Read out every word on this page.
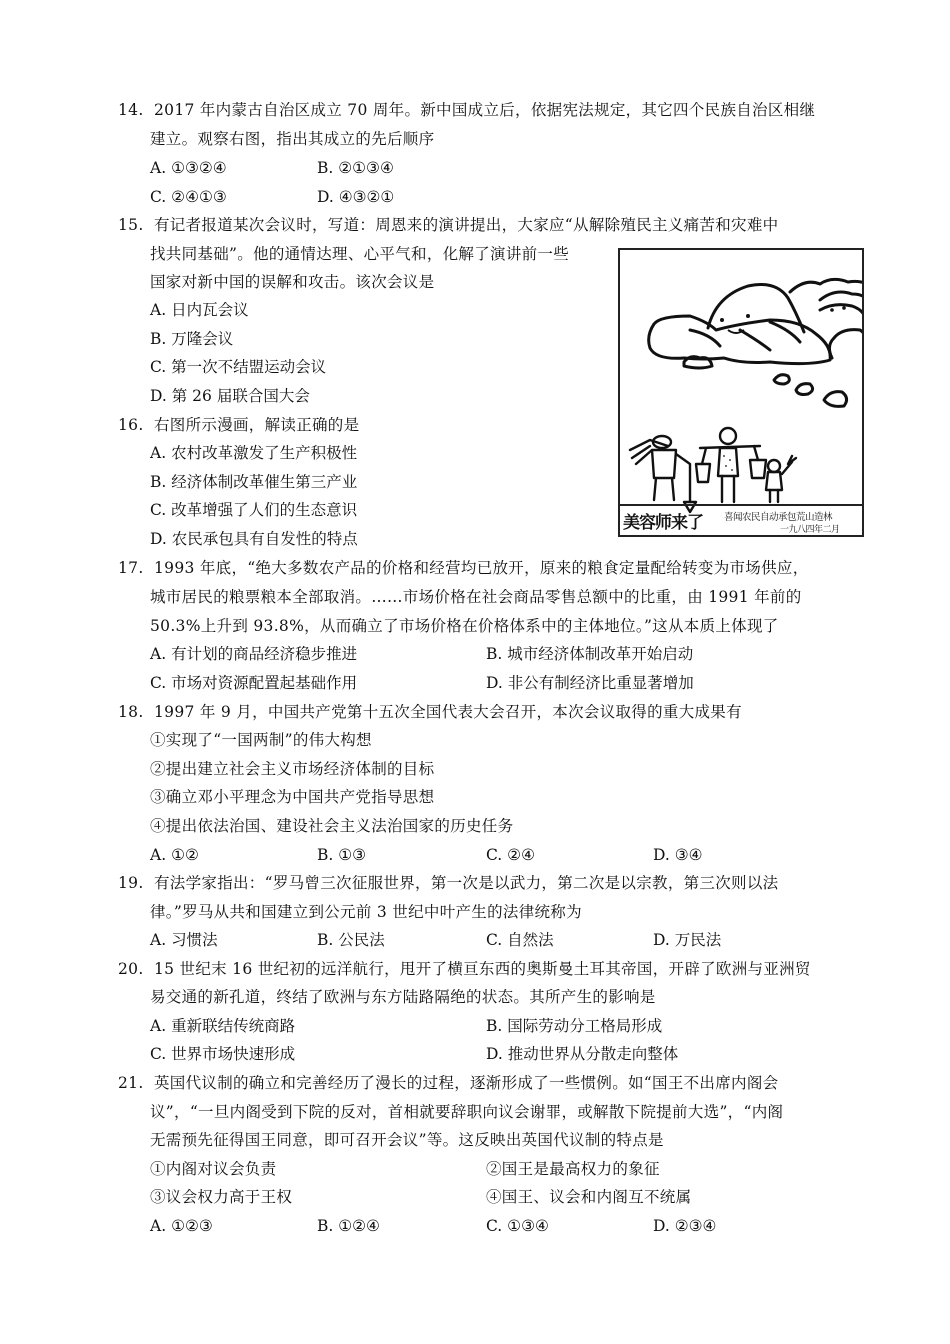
14. 2017 年内蒙古自治区成立 70 周年。新中国成立后，依据宪法规定，其它四个民族自治区相继
建立。观察右图，指出其成立的先后顺序
A. ①③②④	B. ②①③④
C. ②④①③	D. ④③②①
15. 有记者报道某次会议时，写道：周恩来的演讲提出，大家应“从解除殖民主义痛苦和灾难中
找共同基础”。他的通情达理、心平气和，化解了演讲前一些
国家对新中国的误解和攻击。该次会议是
A. 日内瓦会议
B. 万隆会议
C. 第一次不结盟运动会议
D. 第 26 届联合国大会
16. 右图所示漫画，解读正确的是
A. 农村改革激发了生产积极性
B. 经济体制改革催生第三产业
C. 改革增强了人们的生态意识
D. 农民承包具有自发性的特点
美容师来了 喜闻农民自动承包荒山造林
一九八四年二月
17. 1993 年底，“绝大多数农产品的价格和经营均已放开，原来的粮食定量配给转变为市场供应，
城市居民的粮票粮本全部取消。……市场价格在社会商品零售总额中的比重，由 1991 年前的
50.3%上升到 93.8%，从而确立了市场价格在价格体系中的主体地位。”这从本质上体现了
A. 有计划的商品经济稳步推进	B. 城市经济体制改革开始启动
C. 市场对资源配置起基础作用	D. 非公有制经济比重显著增加
18. 1997 年 9 月，中国共产党第十五次全国代表大会召开，本次会议取得的重大成果有
①实现了“一国两制”的伟大构想
②提出建立社会主义市场经济体制的目标
③确立邓小平理念为中国共产党指导思想
④提出依法治国、建设社会主义法治国家的历史任务
A. ①②	B. ①③	C. ②④	D. ③④
19. 有法学家指出：“罗马曾三次征服世界，第一次是以武力，第二次是以宗教，第三次则以法
律。”罗马从共和国建立到公元前 3 世纪中叶产生的法律统称为
A. 习惯法	B. 公民法	C. 自然法	D. 万民法
20. 15 世纪末 16 世纪初的远洋航行，甩开了横亘东西的奥斯曼土耳其帝国，开辟了欧洲与亚洲贸
易交通的新孔道，终结了欧洲与东方陆路隔绝的状态。其所产生的影响是
A. 重新联结传统商路	B. 国际劳动分工格局形成
C. 世界市场快速形成	D. 推动世界从分散走向整体
21. 英国代议制的确立和完善经历了漫长的过程，逐渐形成了一些惯例。如“国王不出席内阁会
议”，“一旦内阁受到下院的反对，首相就要辞职向议会谢罪，或解散下院提前大选”，“内阁
无需预先征得国王同意，即可召开会议”等。这反映出英国代议制的特点是
①内阁对议会负责	②国王是最高权力的象征
③议会权力高于王权	④国王、议会和内阁互不统属
A. ①②③	B. ①②④	C. ①③④	D. ②③④
